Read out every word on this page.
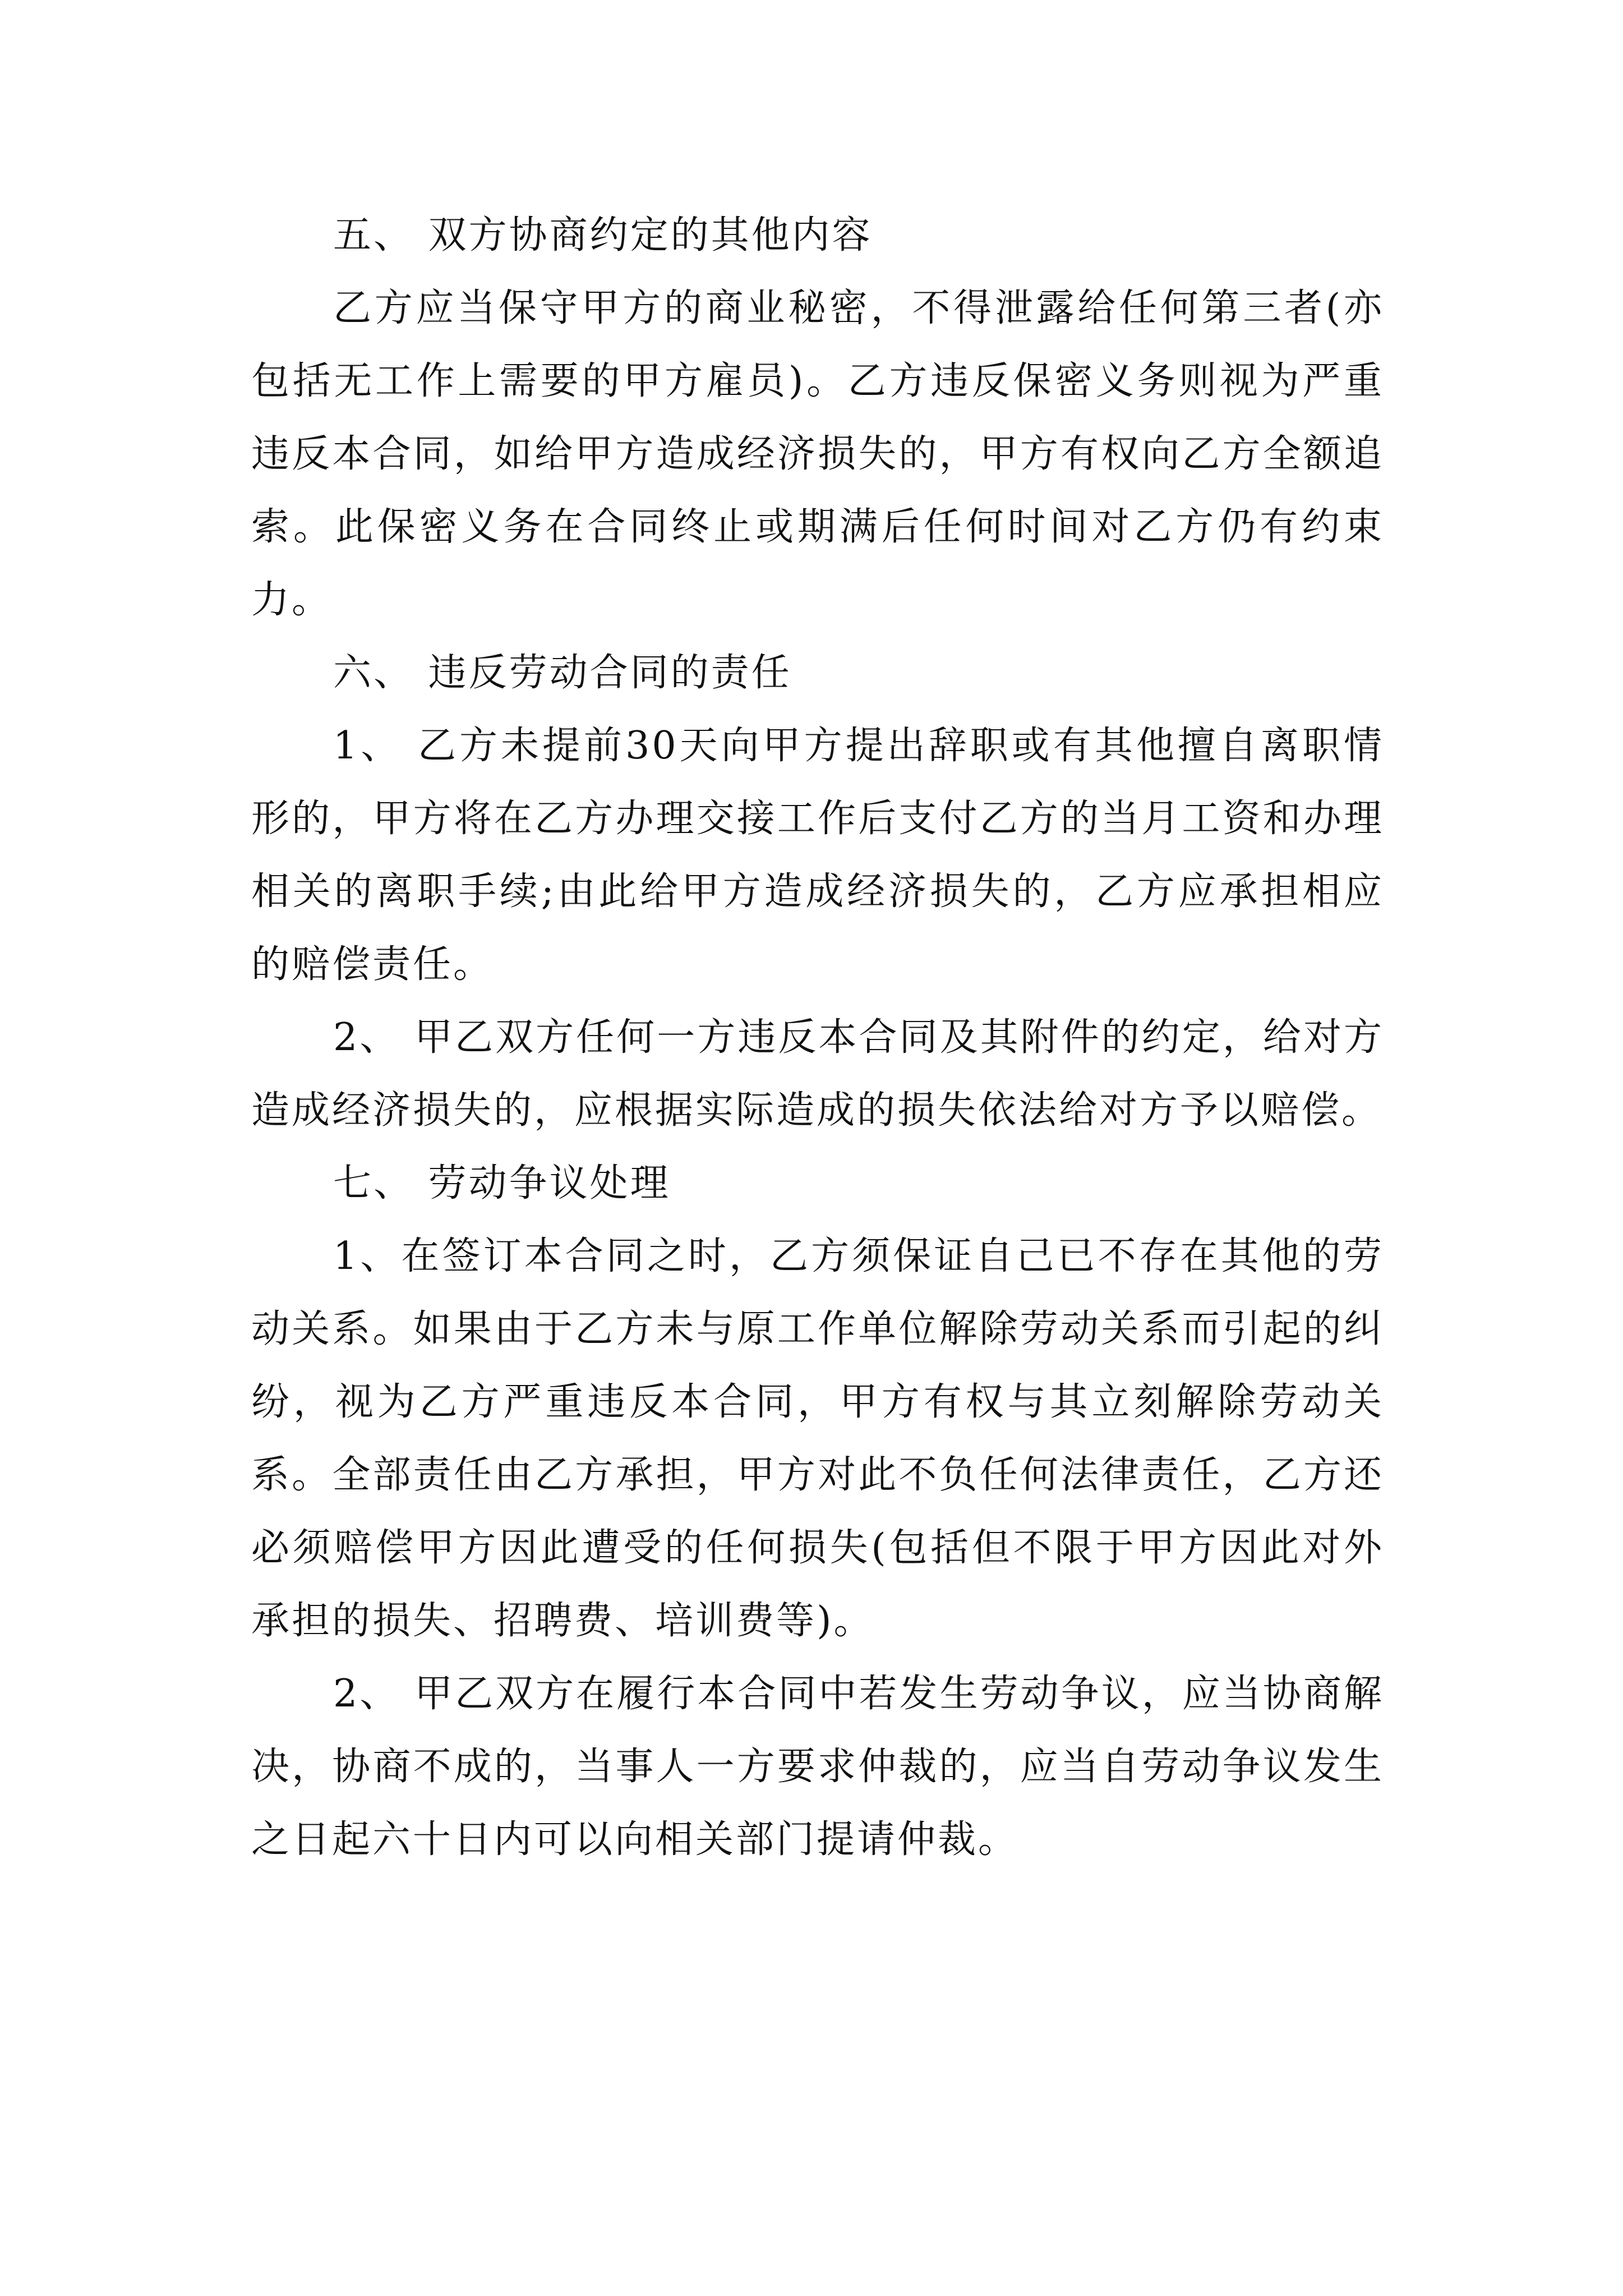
五、 双方协商约定的其他内容

乙方应当保守甲方的商业秘密，不得泄露给任何第三者(亦包括无工作上需要的甲方雇员)。乙方违反保密义务则视为严重违反本合同，如给甲方造成经济损失的，甲方有权向乙方全额追索。此保密义务在合同终止或期满后任何时间对乙方仍有约束力。

六、 违反劳动合同的责任

1、 乙方未提前30天向甲方提出辞职或有其他擅自离职情形的，甲方将在乙方办理交接工作后支付乙方的当月工资和办理相关的离职手续;由此给甲方造成经济损失的，乙方应承担相应的赔偿责任。

2、 甲乙双方任何一方违反本合同及其附件的约定，给对方造成经济损失的，应根据实际造成的损失依法给对方予以赔偿。

七、 劳动争议处理

1、在签订本合同之时，乙方须保证自己已不存在其他的劳动关系。如果由于乙方未与原工作单位解除劳动关系而引起的纠纷，视为乙方严重违反本合同，甲方有权与其立刻解除劳动关系。全部责任由乙方承担，甲方对此不负任何法律责任，乙方还必须赔偿甲方因此遭受的任何损失(包括但不限于甲方因此对外承担的损失、招聘费、培训费等)。

2、 甲乙双方在履行本合同中若发生劳动争议，应当协商解决，协商不成的，当事人一方要求仲裁的，应当自劳动争议发生之日起六十日内可以向相关部门提请仲裁。
